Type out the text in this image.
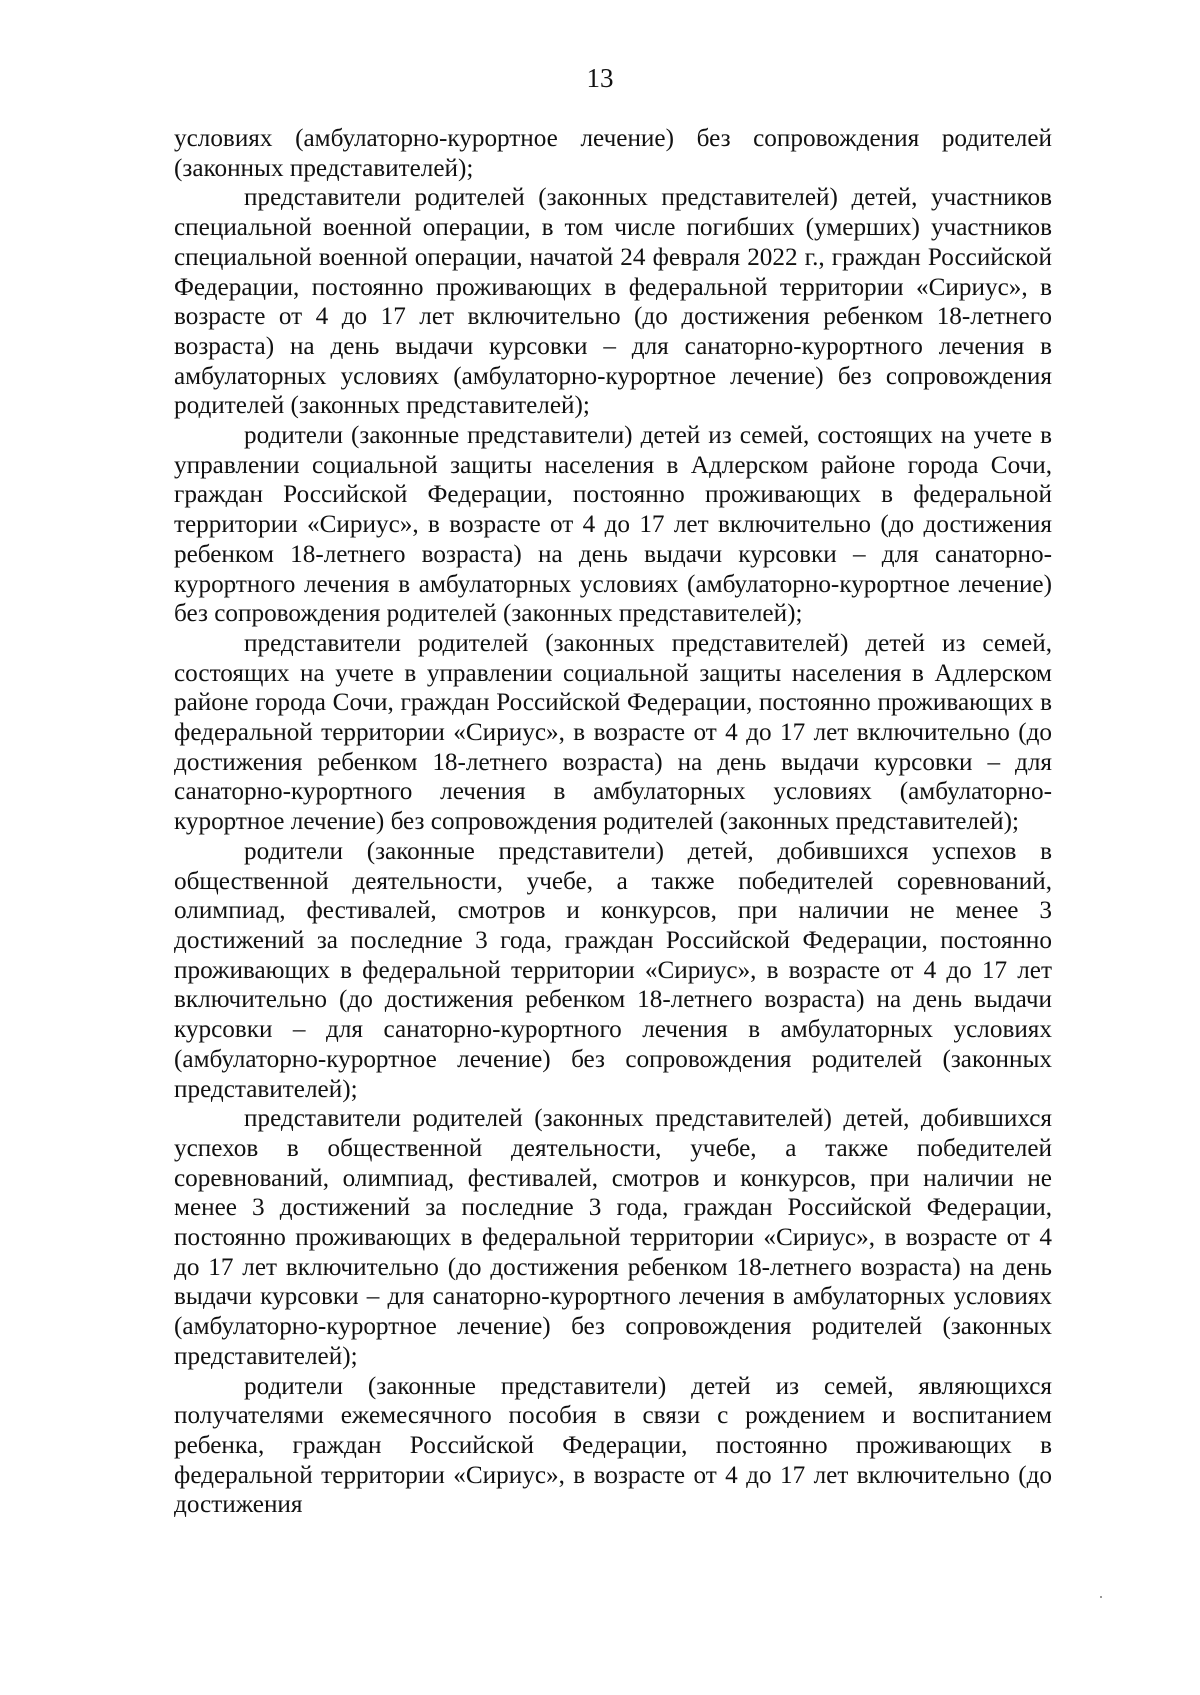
13

условиях (амбулаторно-курортное лечение) без сопровождения родителей (законных представителей);

представители родителей (законных представителей) детей, участников специальной военной операции, в том числе погибших (умерших) участников специальной военной операции, начатой 24 февраля 2022 г., граждан Российской Федерации, постоянно проживающих в федеральной территории «Сириус», в возрасте от 4 до 17 лет включительно (до достижения ребенком 18-летнего возраста) на день выдачи курсовки – для санаторно-курортного лечения в амбулаторных условиях (амбулаторно-курортное лечение) без сопровождения родителей (законных представителей);

родители (законные представители) детей из семей, состоящих на учете в управлении социальной защиты населения в Адлерском районе города Сочи, граждан Российской Федерации, постоянно проживающих в федеральной территории «Сириус», в возрасте от 4 до 17 лет включительно (до достижения ребенком 18-летнего возраста) на день выдачи курсовки – для санаторно-курортного лечения в амбулаторных условиях (амбулаторно-курортное лечение) без сопровождения родителей (законных представителей);

представители родителей (законных представителей) детей из семей, состоящих на учете в управлении социальной защиты населения в Адлерском районе города Сочи, граждан Российской Федерации, постоянно проживающих в федеральной территории «Сириус», в возрасте от 4 до 17 лет включительно (до достижения ребенком 18-летнего возраста) на день выдачи курсовки – для санаторно-курортного лечения в амбулаторных условиях (амбулаторно-курортное лечение) без сопровождения родителей (законных представителей);

родители (законные представители) детей, добившихся успехов в общественной деятельности, учебе, а также победителей соревнований, олимпиад, фестивалей, смотров и конкурсов, при наличии не менее 3 достижений за последние 3 года, граждан Российской Федерации, постоянно проживающих в федеральной территории «Сириус», в возрасте от 4 до 17 лет включительно (до достижения ребенком 18-летнего возраста) на день выдачи курсовки – для санаторно-курортного лечения в амбулаторных условиях (амбулаторно-курортное лечение) без сопровождения родителей (законных представителей);

представители родителей (законных представителей) детей, добившихся успехов в общественной деятельности, учебе, а также победителей соревнований, олимпиад, фестивалей, смотров и конкурсов, при наличии не менее 3 достижений за последние 3 года, граждан Российской Федерации, постоянно проживающих в федеральной территории «Сириус», в возрасте от 4 до 17 лет включительно (до достижения ребенком 18-летнего возраста) на день выдачи курсовки – для санаторно-курортного лечения в амбулаторных условиях (амбулаторно-курортное лечение) без сопровождения родителей (законных представителей);

родители (законные представители) детей из семей, являющихся получателями ежемесячного пособия в связи с рождением и воспитанием ребенка, граждан Российской Федерации, постоянно проживающих в федеральной территории «Сириус», в возрасте от 4 до 17 лет включительно (до достижения
